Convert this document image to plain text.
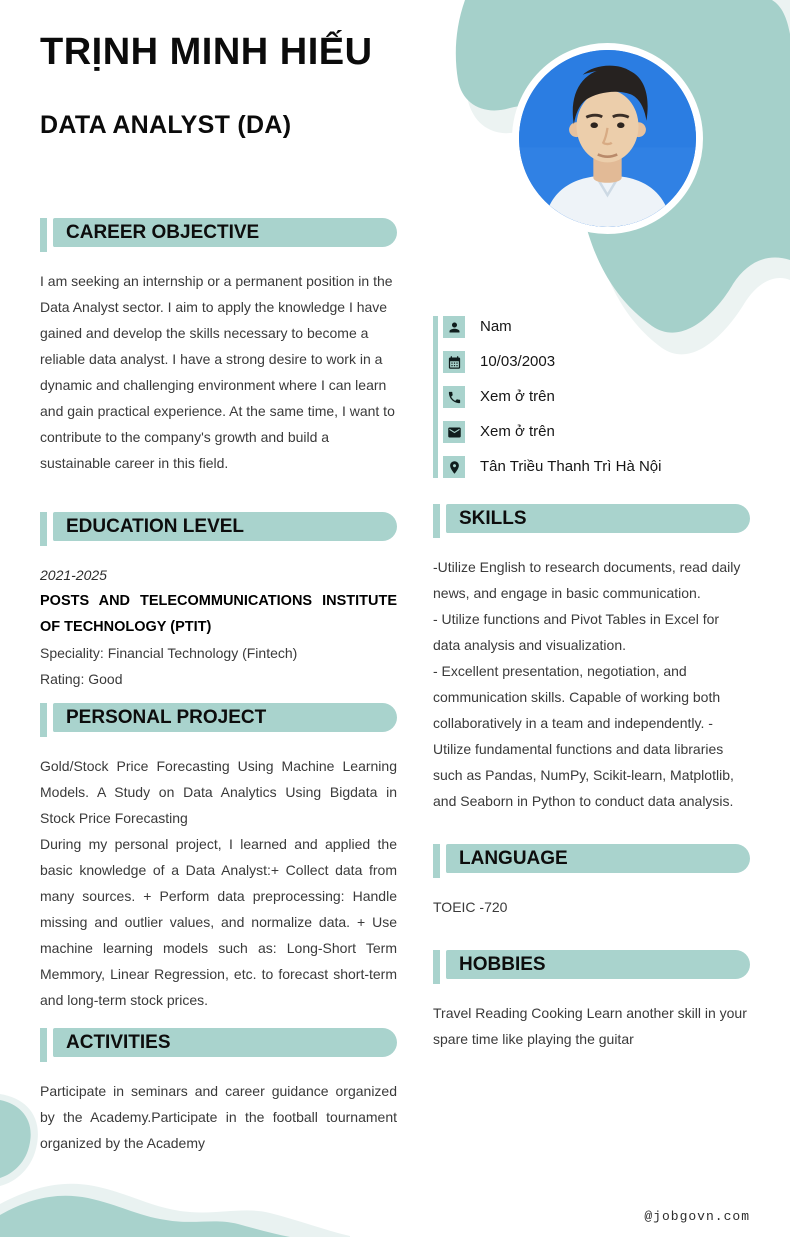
TRỊNH MINH HIẾU
DATA ANALYST (DA)
CAREER OBJECTIVE

I am seeking an internship or a permanent position in the Data Analyst sector. I aim to apply the knowledge I have gained and develop the skills necessary to become a reliable data analyst. I have a strong desire to work in a dynamic and challenging environment where I can learn and gain practical experience. At the same time, I want to contribute to the company's growth and build a sustainable career in this field.

EDUCATION LEVEL
2021-2025
POSTS AND TELECOMMUNICATIONS INSTITUTE OF TECHNOLOGY (PTIT)
Speciality: Financial Technology (Fintech)
Rating: Good
PERSONAL PROJECT

Gold/Stock Price Forecasting Using Machine Learning Models. A Study on Data Analytics Using Bigdata in Stock Price Forecasting

During my personal project, I learned and applied the basic knowledge of a Data Analyst:+ Collect data from many sources. + Perform data preprocessing: Handle missing and outlier values, and normalize data. + Use machine learning models such as: Long-Short Term Memmory, Linear Regression, etc. to forecast short-term and long-term stock prices.

ACTIVITIES

Participate in seminars and career guidance organized by the Academy.Participate in the football tournament organized by the Academy

Nam
10/03/2003
Xem ở trên
Xem ở trên
Tân Triều Thanh Trì Hà Nội
SKILLS

-Utilize English to research documents, read daily news, and engage in basic communication.

- Utilize functions and Pivot Tables in Excel for data analysis and visualization.

- Excellent presentation, negotiation, and communication skills. Capable of working both collaboratively in a team and independently. - Utilize fundamental functions and data libraries such as Pandas, NumPy, Scikit-learn, Matplotlib, and Seaborn in Python to conduct data analysis.

LANGUAGE

TOEIC -720

HOBBIES

Travel Reading Cooking Learn another skill in your spare time like playing the guitar

@jobgovn.com
